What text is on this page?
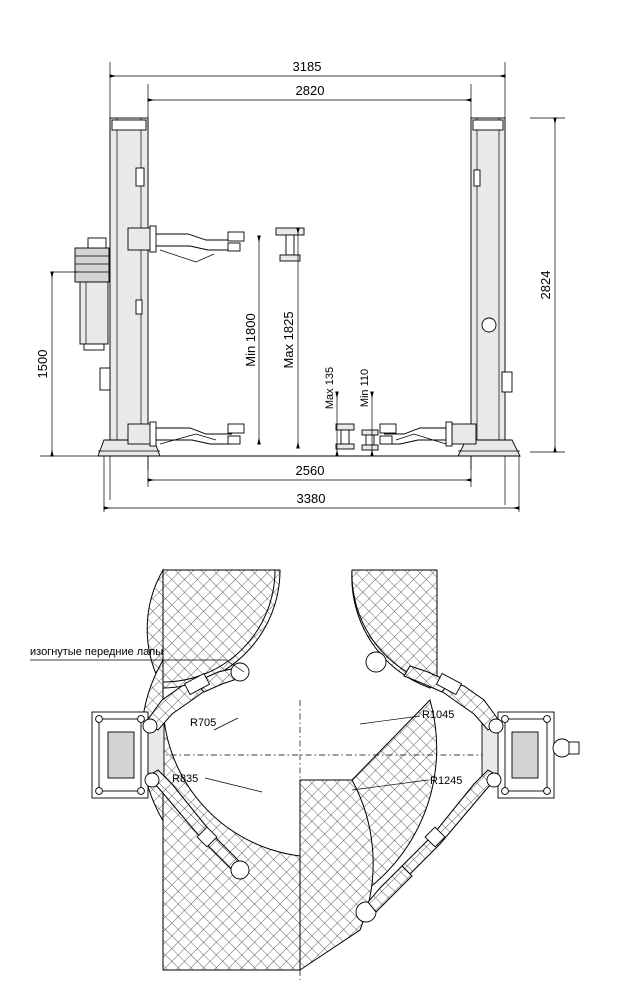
3185
2820
Min 1800 Max 1825
2824
1500
Max 135 Min 110
2560
3380
R705
R835
R1045
R1245
изогнутые передние лапы
